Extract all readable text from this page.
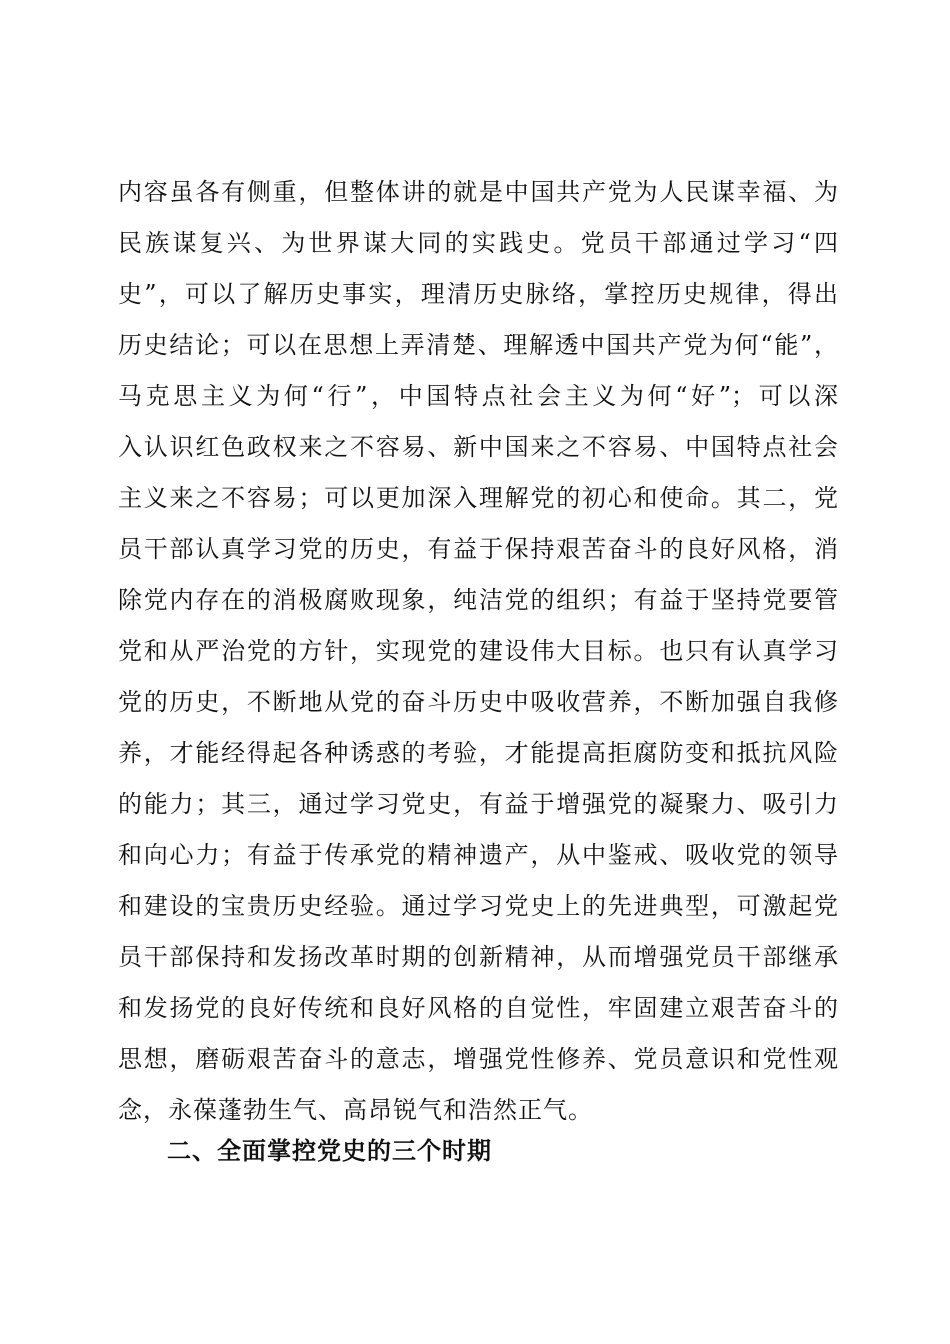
内容虽各有侧重，但整体讲的就是中国共产党为人民谋幸福、为
民族谋复兴、为世界谋大同的实践史。党员干部通过学习“四
史”，可以了解历史事实，理清历史脉络，掌控历史规律，得出
历史结论；可以在思想上弄清楚、理解透中国共产党为何“能”，
马克思主义为何“行”，中国特点社会主义为何“好”；可以深
入认识红色政权来之不容易、新中国来之不容易、中国特点社会
主义来之不容易；可以更加深入理解党的初心和使命。其二，党
员干部认真学习党的历史，有益于保持艰苦奋斗的良好风格，消
除党内存在的消极腐败现象，纯洁党的组织；有益于坚持党要管
党和从严治党的方针，实现党的建设伟大目标。也只有认真学习
党的历史，不断地从党的奋斗历史中吸收营养，不断加强自我修
养，才能经得起各种诱惑的考验，才能提高拒腐防变和抵抗风险
的能力；其三，通过学习党史，有益于增强党的凝聚力、吸引力
和向心力；有益于传承党的精神遗产，从中鉴戒、吸收党的领导
和建设的宝贵历史经验。通过学习党史上的先进典型，可激起党
员干部保持和发扬改革时期的创新精神，从而增强党员干部继承
和发扬党的良好传统和良好风格的自觉性，牢固建立艰苦奋斗的
思想，磨砺艰苦奋斗的意志，增强党性修养、党员意识和党性观
念，永葆蓬勃生气、高昂锐气和浩然正气。
二、全面掌控党史的三个时期
